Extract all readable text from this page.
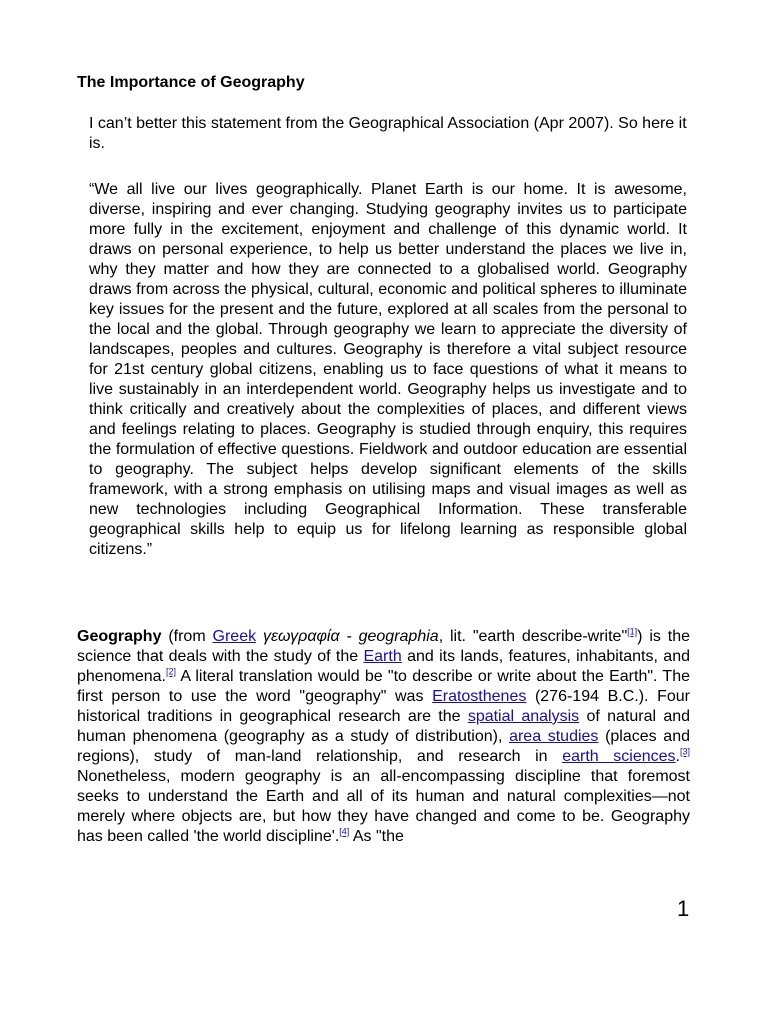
The Importance of Geography

I can’t better this statement from the Geographical Association (Apr 2007). So here it is.

“We all live our lives geographically. Planet Earth is our home. It is awesome, diverse, inspiring and ever changing. Studying geography invites us to participate more fully in the excitement, enjoyment and challenge of this dynamic world. It draws on personal experience, to help us better understand the places we live in, why they matter and how they are connected to a globalised world. Geography draws from across the physical, cultural, economic and political spheres to illuminate key issues for the present and the future, explored at all scales from the personal to the local and the global. Through geography we learn to appreciate the diversity of landscapes, peoples and cultures. Geography is therefore a vital subject resource for 21st century global citizens, enabling us to face questions of what it means to live sustainably in an interdependent world. Geography helps us investigate and to think critically and creatively about the complexities of places, and different views and feelings relating to places. Geography is studied through enquiry, this requires the formulation of effective questions. Fieldwork and outdoor education are essential to geography. The subject helps develop significant elements of the skills framework, with a strong emphasis on utilising maps and visual images as well as new technologies including Geographical Information. These transferable geographical skills help to equip us for lifelong learning as responsible global citizens.”

Geography (from Greek γεωγραφία - geographia, lit. "earth describe-write"[1]) is the science that deals with the study of the Earth and its lands, features, inhabitants, and phenomena.[2] A literal translation would be "to describe or write about the Earth". The first person to use the word "geography" was Eratosthenes (276-194 B.C.). Four historical traditions in geographical research are the spatial analysis of natural and human phenomena (geography as a study of distribution), area studies (places and regions), study of man-land relationship, and research in earth sciences.[3] Nonetheless, modern geography is an all-encompassing discipline that foremost seeks to understand the Earth and all of its human and natural complexities—not merely where objects are, but how they have changed and come to be. Geography has been called 'the world discipline'.[4] As "the

1
